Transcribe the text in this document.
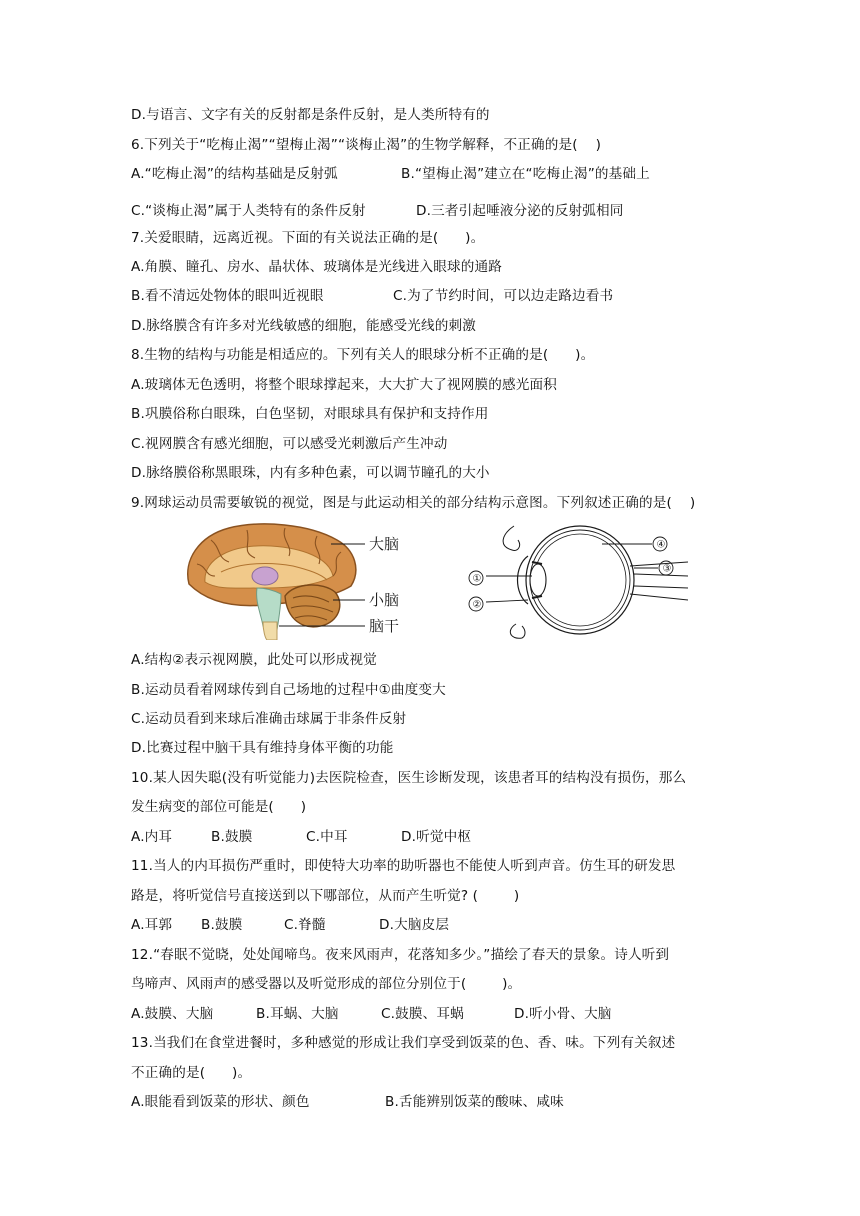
D.与语言、文字有关的反射都是条件反射，是人类所特有的
6.下列关于“吃梅止渴”“望梅止渴”“谈梅止渴”的生物学解释，不正确的是(    )
A.“吃梅止渴”的结构基础是反射弧	B.“望梅止渴”建立在“吃梅止渴”的基础上
C.“谈梅止渴”属于人类特有的条件反射	D.三者引起唾液分泌的反射弧相同
7.关爱眼睛，远离近视。下面的有关说法正确的是(      )。
A.角膜、瞳孔、房水、晶状体、玻璃体是光线进入眼球的通路
B.看不清远处物体的眼叫近视眼	C.为了节约时间，可以边走路边看书
D.脉络膜含有许多对光线敏感的细胞，能感受光线的刺激
8.生物的结构与功能是相适应的。下列有关人的眼球分析不正确的是(      )。
A.玻璃体无色透明，将整个眼球撑起来，大大扩大了视网膜的感光面积
B.巩膜俗称白眼珠，白色坚韧，对眼球具有保护和支持作用
C.视网膜含有感光细胞，可以感受光刺激后产生冲动
D.脉络膜俗称黑眼珠，内有多种色素，可以调节瞳孔的大小
9.网球运动员需要敏锐的视觉，图是与此运动相关的部分结构示意图。下列叙述正确的是(    )
A.结构②表示视网膜，此处可以形成视觉
B.运动员看着网球传到自己场地的过程中①曲度变大
C.运动员看到来球后准确击球属于非条件反射
D.比赛过程中脑干具有维持身体平衡的功能
10.某人因失聪(没有听觉能力)去医院检查，医生诊断发现，该患者耳的结构没有损伤，那么
发生病变的部位可能是(      )
A.内耳	B.鼓膜	C.中耳	D.听觉中枢
11.当人的内耳损伤严重时，即使特大功率的助听器也不能使人听到声音。仿生耳的研发思
路是，将听觉信号直接送到以下哪部位，从而产生听觉? (        )
A.耳郭 B.鼓膜	C.脊髓	D.大脑皮层
12.“春眠不觉晓，处处闻啼鸟。夜来风雨声，花落知多少。”描绘了春天的景象。诗人听到
鸟啼声、风雨声的感受器以及听觉形成的部位分别位于(        )。
A.鼓膜、大脑	B.耳蜗、大脑	C.鼓膜、耳蜗	D.听小骨、大脑
13.当我们在食堂进餐时，多种感觉的形成让我们享受到饭菜的色、香、味。下列有关叙述
不正确的是(      )。
A.眼能看到饭菜的形状、颜色	B.舌能辨别饭菜的酸味、咸味
大脑
小脑
脑干
①
②
③
④
